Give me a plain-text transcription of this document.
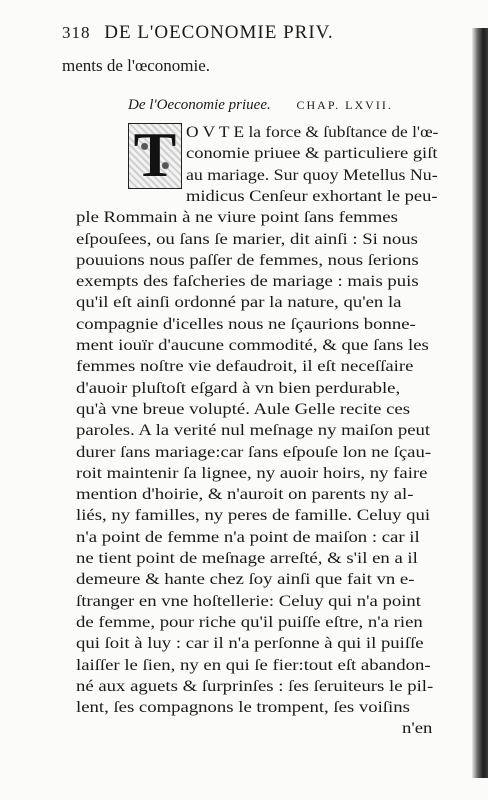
318 DE L'OECONOMIE PRIV.
ments de l'œconomie.
De l'Oeconomie priuee. CHAP. LXVII.
T O V T E la force & ſubſtance de l'œ-
conomie priuee & particuliere giſt
au mariage. Sur quoy Metellus Nu-
midicus Cenſeur exhortant le peu-
ple Rommain à ne viure point ſans femmes
eſpouſees, ou ſans ſe marier, dit ainſi : Si nous
pouuions nous paſſer de femmes, nous ſerions
exempts des faſcheries de mariage : mais puis
qu'il eſt ainſi ordonné par la nature, qu'en la
compagnie d'icelles nous ne ſçaurions bonne-
ment iouïr d'aucune commodité, & que ſans les
femmes noſtre vie defaudroit, il eſt neceſſaire
d'auoir pluſtoſt eſgard à vn bien perdurable,
qu'à vne breue volupté. Aule Gelle recite ces
paroles. A la verité nul meſnage ny maiſon peut
durer ſans mariage:car ſans eſpouſe lon ne ſçau-
roit maintenir ſa lignee, ny auoir hoirs, ny faire
mention d'hoirie, & n'auroit on parents ny al-
liés, ny familles, ny peres de famille. Celuy qui
n'a point de femme n'a point de maiſon : car il
ne tient point de meſnage arreſté, & s'il en a il
demeure & hante chez ſoy ainſi que fait vn e-
ſtranger en vne hoſtellerie: Celuy qui n'a point
de femme, pour riche qu'il puiſſe eſtre, n'a rien
qui ſoit à luy : car il n'a perſonne à qui il puiſſe
laiſſer le ſien, ny en qui ſe fier:tout eſt abandon-
né aux aguets & ſurprinſes : ſes ſeruiteurs le pil-
lent, ſes compagnons le trompent, ſes voiſins
n'en
